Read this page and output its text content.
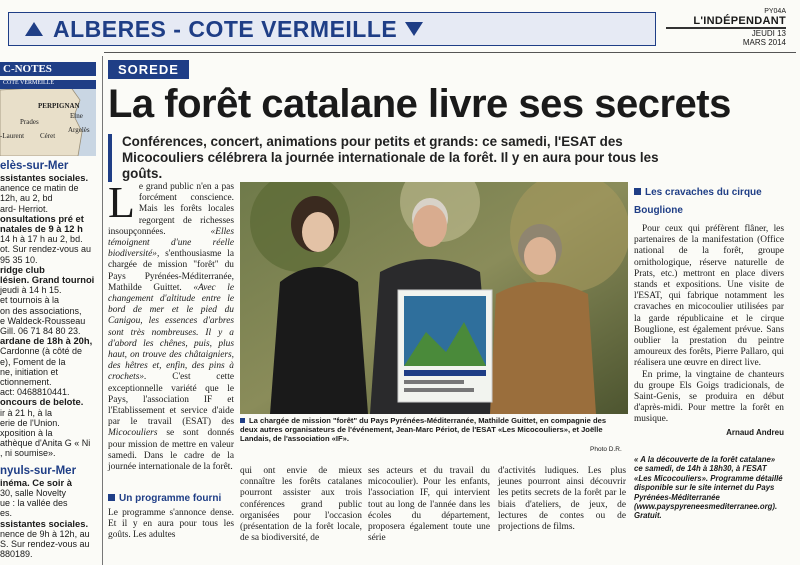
ALBERES - COTE VERMEILLE
PY04A
L'INDÉPENDANT
JEUDI 13
MARS 2014
C-NOTES
CÔTE VERMEILLE
PERPIGNAN
Elne
Prades
Argelès
-Laurent Céret
elès-sur-Mer
ssistantes sociales.
anence ce matin de
12h, au 2, bd
ard- Herriot.
onsultations pré et
natales de 9 à 12 h
14 h à 17 h au 2, bd.
ot. Sur rendez-vous au
95 35 10.
ridge club
lésien. Grand tournoi
jeudi à 14 h 15.
et tournois à la
on des associations,
e Waldeck-Rousseau
Gill. 06 71 84 80 23.
ardane de 18h à 20h,
Cardonne (à côté de
e), Foment de la
ne, initiation et
ctionnement.
act: 0468810441.
oncours de belote.
ir à 21 h, à la
erie de l'Union.
xposition à la
athèque d'Anita G « Ni
, ni soumise».
nyuls-sur-Mer
inéma. Ce soir à
30, salle Novelty
ue : la vallée des
es.
ssistantes sociales.
nence de 9h à 12h, au
S. Sur rendez-vous au
880189.
SOREDE
La forêt catalane livre ses secrets
Conférences, concert, animations pour petits et grands: ce samedi, l'ESAT des Micocouliers célébrera la journée internationale de la forêt. Il y en aura pour tous les goûts.
L e grand public n'en a pas forcément conscience. Mais les forêts locales regorgent de richesses insoupçonnées. «Elles témoignent d'une réelle biodiversité», s'enthousiasme la chargée de mission "forêt" du Pays Pyrénées-Méditerranée, Mathilde Guittet. «Avec le changement d'altitude entre le bord de mer et le pied du Canigou, les essences d'arbres sont très nombreuses. Il y a d'abord les chênes, puis, plus haut, on trouve des châtaigniers, des hêtres et, enfin, des pins à crochets». C'est cette exceptionnelle variété que le Pays, l'association IF et l'Etablissement et service d'aide par le travail (ESAT) des Micocouliers se sont donnés pour mission de mettre en valeur samedi. Dans le cadre de la journée internationale de la forêt.
Un programme fourni
Le programme s'annonce dense. Et il y en aura pour tous les goûts. Les adultes
La chargée de mission "forêt" du Pays Pyrénées-Méditerranée, Mathilde Guittet, en compagnie des deux autres organisateurs de l'événement, Jean-Marc Périot, de l'ESAT «Les Micocouliers», et Joëlle Landais, de l'association «IF».
Photo D.R.
qui ont envie de mieux connaître les forêts catalanes pourront assister aux trois conférences grand public organisées pour l'occasion (présentation de la forêt locale, de sa biodiversité, de
ses acteurs et du travail du micocoulier). Pour les enfants, l'association IF, qui intervient tout au long de l'année dans les écoles du département, proposera également toute une série
d'activités ludiques. Les plus jeunes pourront ainsi découvrir les petits secrets de la forêt par le biais d'ateliers, de jeux, de lectures de contes ou de projections de films.
Les cravaches du cirque Bouglione
Pour ceux qui préfèrent flâner, les partenaires de la manifestation (Office national de la forêt, groupe ornithologique, réserve naturelle de Prats, etc.) mettront en place divers stands et expositions. Une visite de l'ESAT, qui fabrique notamment les cravaches en micocoulier utilisées par la garde républicaine et le cirque Bouglione, est également prévue. Sans oublier la prestation du peintre amoureux des forêts, Pierre Pallaro, qui réalisera une œuvre en direct live.
En prime, la vingtaine de chanteurs du groupe Els Goigs tradicionals, de Saint-Genis, se produira en début d'après-midi. Pour mettre la forêt en musique.
Arnaud Andreu
« A la découverte de la forêt catalane» ce samedi, de 14h à 18h30, à l'ESAT «Les Micocouliers». Programme détaillé disponible sur le site internet du Pays Pyrénées-Méditerranée (www.payspyreneesmediterranee.org). Gratuit.
